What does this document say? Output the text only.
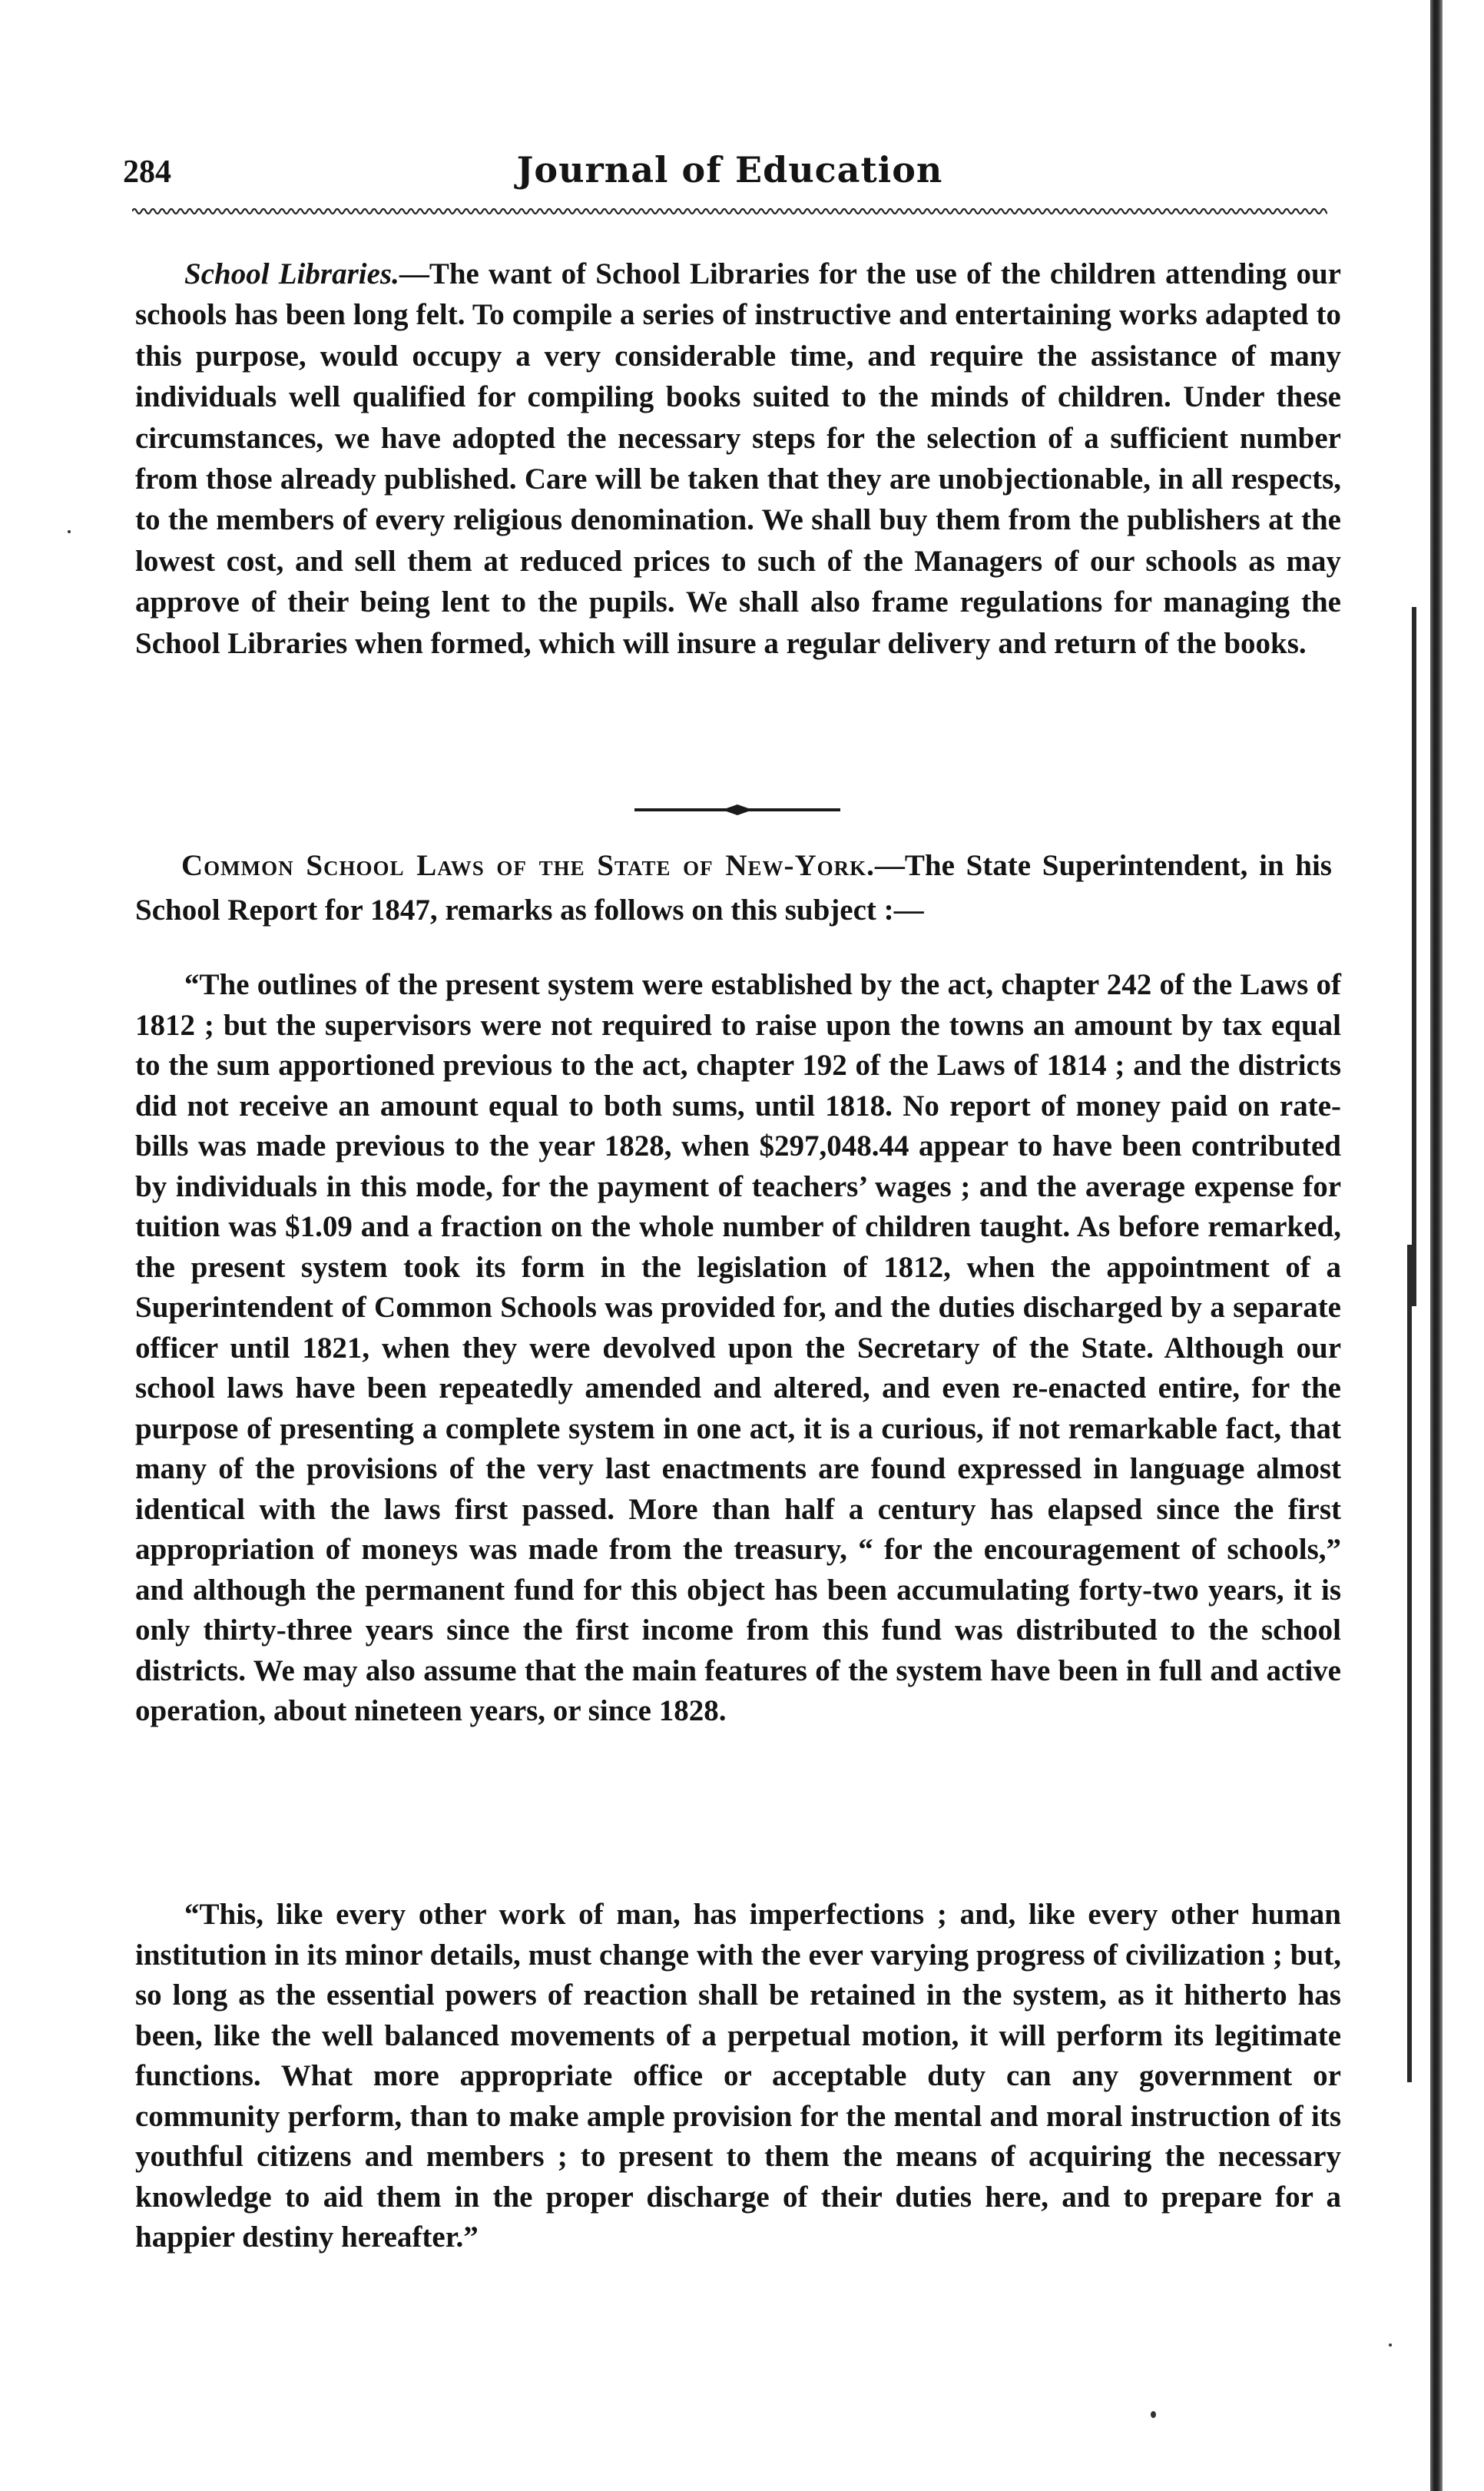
284	Journal of Education

School Libraries.—The want of School Libraries for the use of the children attending our schools has been long felt. To compile a series of instructive and entertaining works adapted to this purpose, would occupy a very considerable time, and require the assistance of many individuals well qualified for compiling books suited to the minds of children. Under these circumstances, we have adopted the necessary steps for the selection of a sufficient number from those already published. Care will be taken that they are unobjectionable, in all respects, to the members of every religious denomination. We shall buy them from the publishers at the lowest cost, and sell them at reduced prices to such of the Managers of our schools as may approve of their being lent to the pupils. We shall also frame regulations for managing the School Libraries when formed, which will insure a regular delivery and return of the books.

Common School Laws of the State of New-York.—The State Superintendent, in his School Report for 1847, remarks as follows on this subject :—

“The outlines of the present system were established by the act, chapter 242 of the Laws of 1812 ; but the supervisors were not required to raise upon the towns an amount by tax equal to the sum apportioned previous to the act, chapter 192 of the Laws of 1814 ; and the districts did not receive an amount equal to both sums, until 1818. No report of money paid on rate-bills was made previous to the year 1828, when $297,048.44 appear to have been contributed by individuals in this mode, for the payment of teachers’ wages ; and the average expense for tuition was $1.09 and a fraction on the whole number of children taught. As before remarked, the present system took its form in the legislation of 1812, when the appointment of a Superintendent of Common Schools was provided for, and the duties discharged by a separate officer until 1821, when they were devolved upon the Secretary of the State. Although our school laws have been repeatedly amended and altered, and even re-enacted entire, for the purpose of presenting a complete system in one act, it is a curious, if not remarkable fact, that many of the provisions of the very last enactments are found expressed in language almost identical with the laws first passed. More than half a century has elapsed since the first appropriation of moneys was made from the treasury, “ for the encouragement of schools,” and although the permanent fund for this object has been accumulating forty-two years, it is only thirty-three years since the first income from this fund was distributed to the school districts. We may also assume that the main features of the system have been in full and active operation, about nineteen years, or since 1828.

“This, like every other work of man, has imperfections ; and, like every other human institution in its minor details, must change with the ever varying progress of civilization ; but, so long as the essential powers of reaction shall be retained in the system, as it hitherto has been, like the well balanced movements of a perpetual motion, it will perform its legitimate functions. What more appropriate office or acceptable duty can any government or community perform, than to make ample provision for the mental and moral instruction of its youthful citizens and members ; to present to them the means of acquiring the necessary knowledge to aid them in the proper discharge of their duties here, and to prepare for a happier destiny hereafter.”
